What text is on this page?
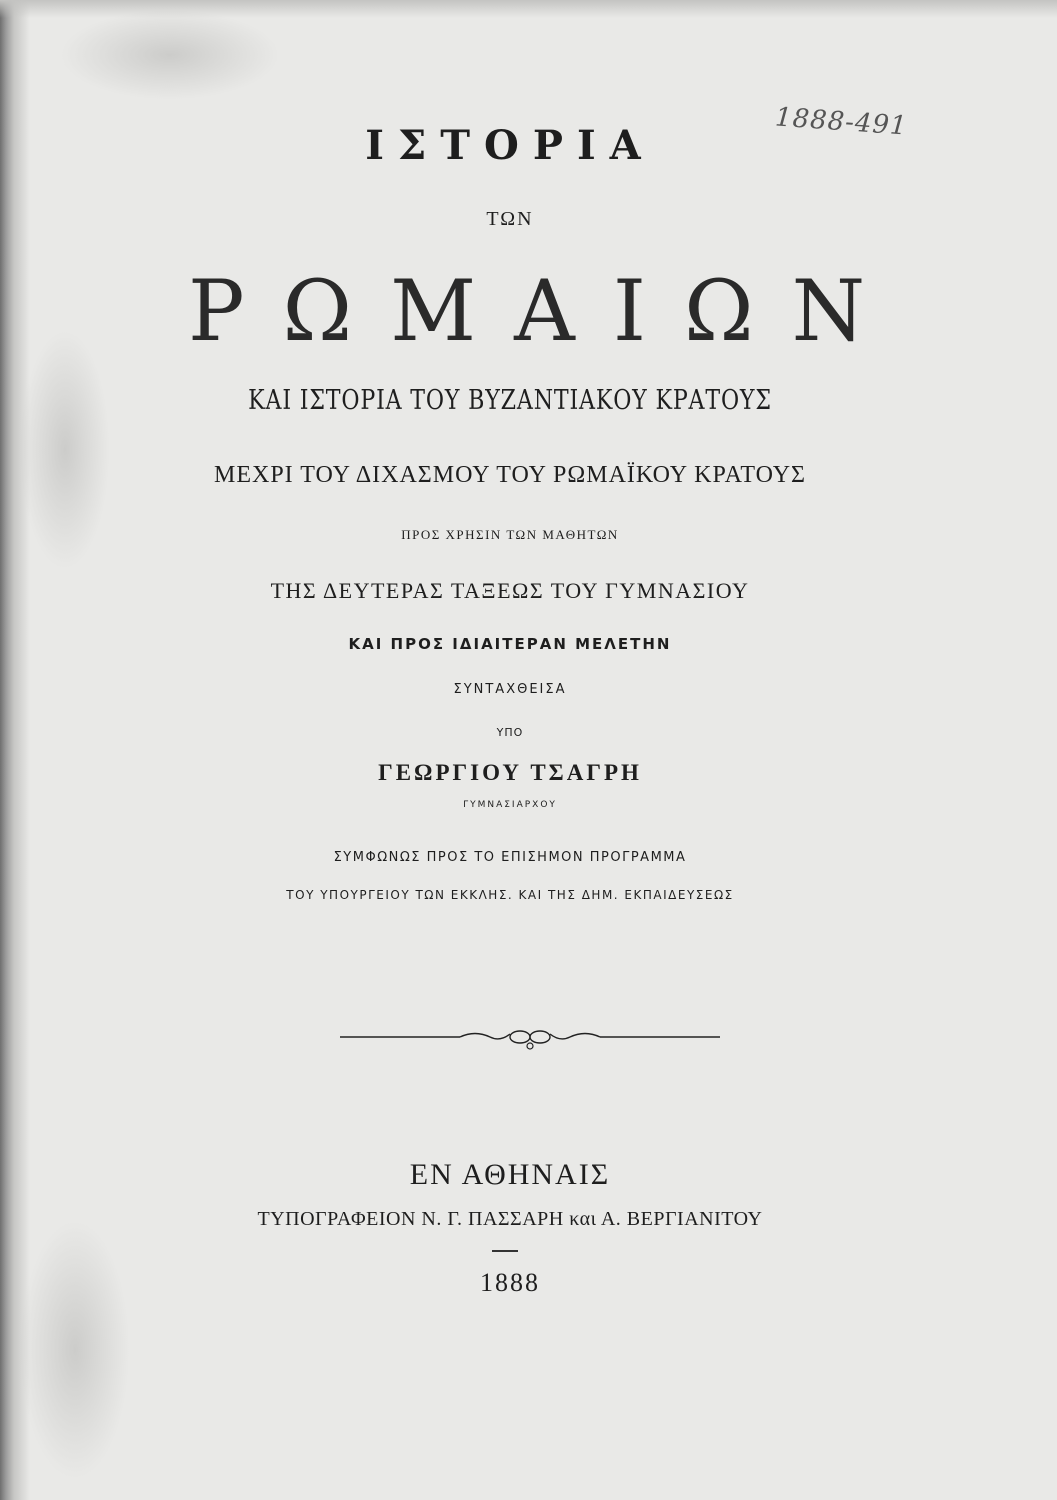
1888-491

ΙΣΤΟΡΙΑ

ΤΩΝ

ΡΩΜΑΙΩΝ

ΚΑΙ ΙΣΤΟΡΙΑ ΤΟΥ ΒΥΖΑΝΤΙΑΚΟΥ ΚΡΑΤΟΥΣ

ΜΕΧΡΙ ΤΟΥ ΔΙΧΑΣΜΟΥ ΤΟΥ ΡΩΜΑΪΚΟΥ ΚΡΑΤΟΥΣ

ΠΡΟΣ ΧΡΗΣΙΝ ΤΩΝ ΜΑΘΗΤΩΝ

ΤΗΣ ΔΕΥΤΕΡΑΣ ΤΑΞΕΩΣ ΤΟΥ ΓΥΜΝΑΣΙΟΥ

ΚΑΙ ΠΡΟΣ ΙΔΙΑΙΤΕΡΑΝ ΜΕΛΕΤΗΝ

ΣΥΝΤΑΧΘΕΙΣΑ

ΥΠΟ

ΓΕΩΡΓΙΟΥ ΤΣΑΓΡΗ

ΓΥΜΝΑΣΙΑΡΧΟΥ

ΣΥΜΦΩΝΩΣ ΠΡΟΣ ΤΟ ΕΠΙΣΗΜΟΝ ΠΡΟΓΡΑΜΜΑ

ΤΟΥ ΥΠΟΥΡΓΕΙΟΥ ΤΩΝ ΕΚΚΛΗΣ. ΚΑΙ ΤΗΣ ΔΗΜ. ΕΚΠΑΙΔΕΥΣΕΩΣ

ΕΝ ΑΘΗΝΑΙΣ

ΤΥΠΟΓΡΑΦΕΙΟΝ Ν. Γ. ΠΑΣΣΑΡΗ και Α. ΒΕΡΓΙΑΝΙΤΟΥ

1888
